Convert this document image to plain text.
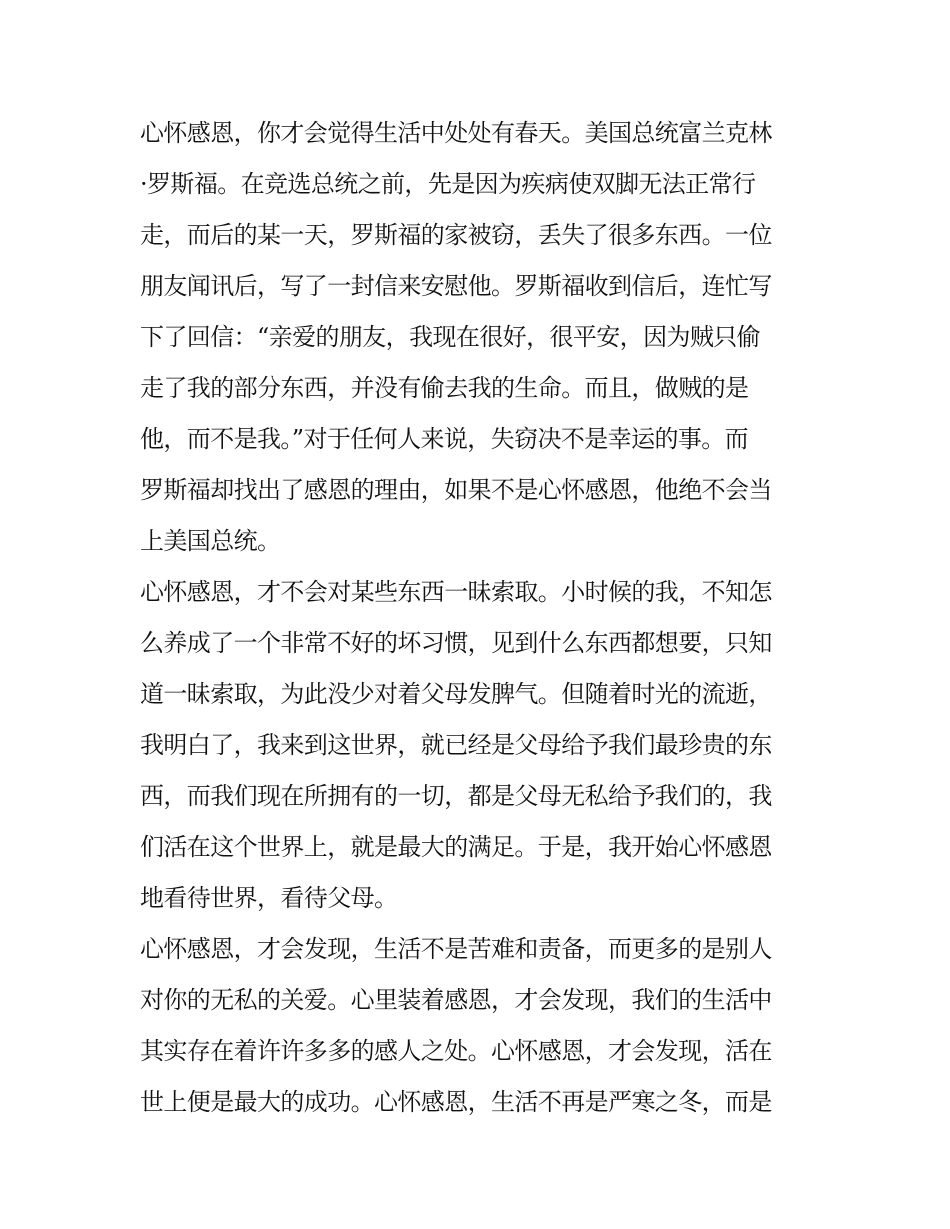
心怀感恩，你才会觉得生活中处处有春天。美国总统富兰克林
·罗斯福。在竞选总统之前，先是因为疾病使双脚无法正常行
走，而后的某一天，罗斯福的家被窃，丢失了很多东西。一位
朋友闻讯后，写了一封信来安慰他。罗斯福收到信后，连忙写
下了回信：“亲爱的朋友，我现在很好，很平安，因为贼只偷
走了我的部分东西，并没有偷去我的生命。而且，做贼的是
他，而不是我。”对于任何人来说，失窃决不是幸运的事。而
罗斯福却找出了感恩的理由，如果不是心怀感恩，他绝不会当
上美国总统。
心怀感恩，才不会对某些东西一昧索取。小时候的我，不知怎
么养成了一个非常不好的坏习惯，见到什么东西都想要，只知
道一昧索取，为此没少对着父母发脾气。但随着时光的流逝，
我明白了，我来到这世界，就已经是父母给予我们最珍贵的东
西，而我们现在所拥有的一切，都是父母无私给予我们的，我
们活在这个世界上，就是最大的满足。于是，我开始心怀感恩
地看待世界，看待父母。
心怀感恩，才会发现，生活不是苦难和责备，而更多的是别人
对你的无私的关爱。心里装着感恩，才会发现，我们的生活中
其实存在着许许多多的感人之处。心怀感恩，才会发现，活在
世上便是最大的成功。心怀感恩，生活不再是严寒之冬，而是
